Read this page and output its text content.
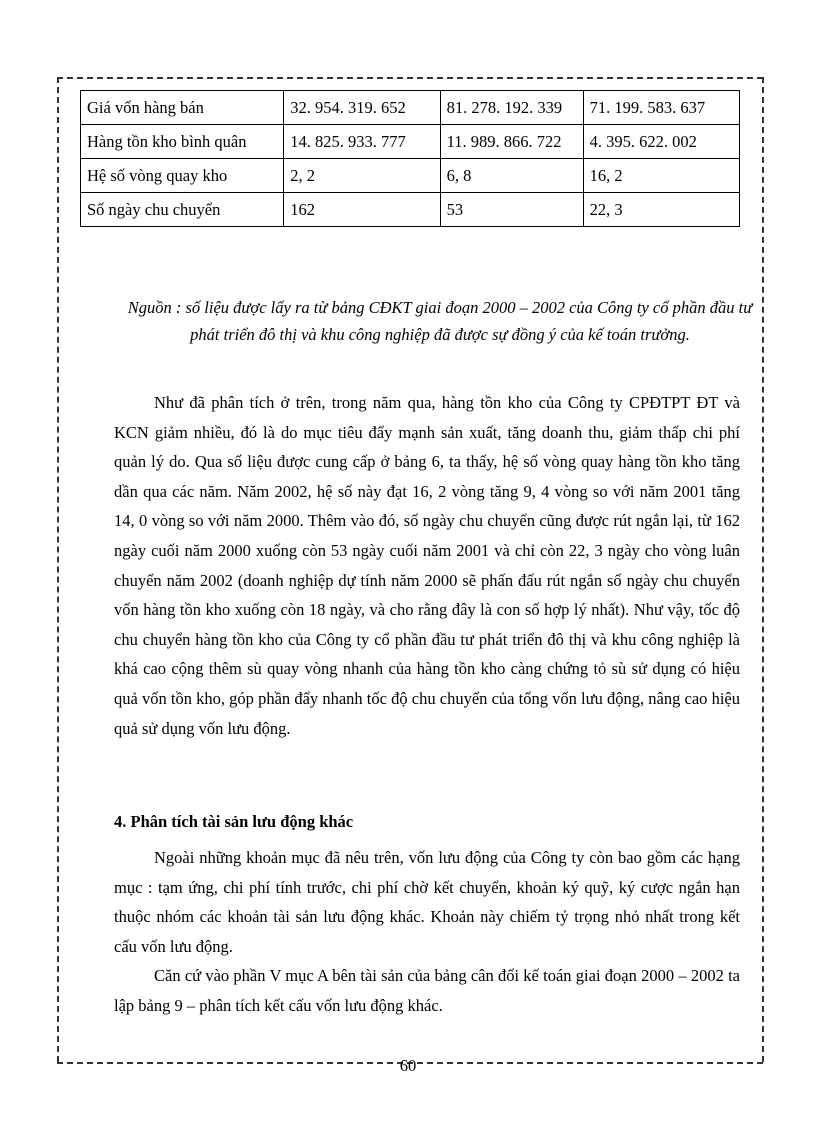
Giá vốn hàng bán	32. 954. 319. 652	81. 278. 192. 339	71. 199. 583. 637
Hàng tồn kho bình quân	14. 825. 933. 777	11. 989. 866. 722	4. 395. 622. 002
Hệ số vòng quay kho	2, 2	6, 8	16, 2
Số ngày chu chuyển	162	53	22, 3
Nguồn : số liệu được lấy ra từ bảng CĐKT giai đoạn 2000 – 2002 của Công ty cổ phần đầu tư phát triển đô thị và khu công nghiệp đã được sự đồng ý của kế toán trưởng.
Như đã phân tích ở trên, trong năm qua, hàng tồn kho của Công ty CPĐTPT ĐT và KCN giảm nhiều, đó là do mục tiêu đẩy mạnh sản xuất, tăng doanh thu, giảm thấp chi phí quản lý do. Qua số liệu được cung cấp ở bảng 6, ta thấy, hệ số vòng quay hàng tồn kho tăng dần qua các năm. Năm 2002, hệ số này đạt 16, 2 vòng tăng 9, 4 vòng so với năm 2001 tăng 14, 0 vòng so với năm 2000. Thêm vào đó, số ngày chu chuyển cũng được rút ngắn lại, từ 162 ngày cuối năm 2000 xuống còn 53 ngày cuối năm 2001 và chỉ còn 22, 3 ngày cho vòng luân chuyển năm 2002 (doanh nghiệp dự tính năm 2000 sẽ phấn đấu rút ngắn số ngày chu chuyển vốn hàng tồn kho xuống còn 18 ngày, và cho rằng đây là con số hợp lý nhất). Như vậy, tốc độ chu chuyển hàng tồn kho của Công ty cổ phần đầu tư phát triển đô thị và khu công nghiệp là khá cao cộng thêm sù quay vòng nhanh của hàng tồn kho càng chứng tỏ sù sử dụng có hiệu quả vốn tồn kho, góp phần đẩy nhanh tốc độ chu chuyển của tổng vốn lưu động, nâng cao hiệu quả sử dụng vốn lưu động.
4. Phân tích tài sản lưu động khác
Ngoài những khoản mục đã nêu trên, vốn lưu động của Công ty còn bao gồm các hạng mục : tạm ứng, chi phí tính trước, chi phí chờ kết chuyển, khoản ký quỹ, ký cược ngắn hạn thuộc nhóm các khoản tài sản lưu động khác. Khoản này chiếm tỷ trọng nhỏ nhất trong kết cấu vốn lưu động.
Căn cứ vào phần V mục A bên tài sản của bảng cân đối kế toán giai đoạn 2000 – 2002 ta lập bảng 9 – phân tích kết cấu vốn lưu động khác.
60
